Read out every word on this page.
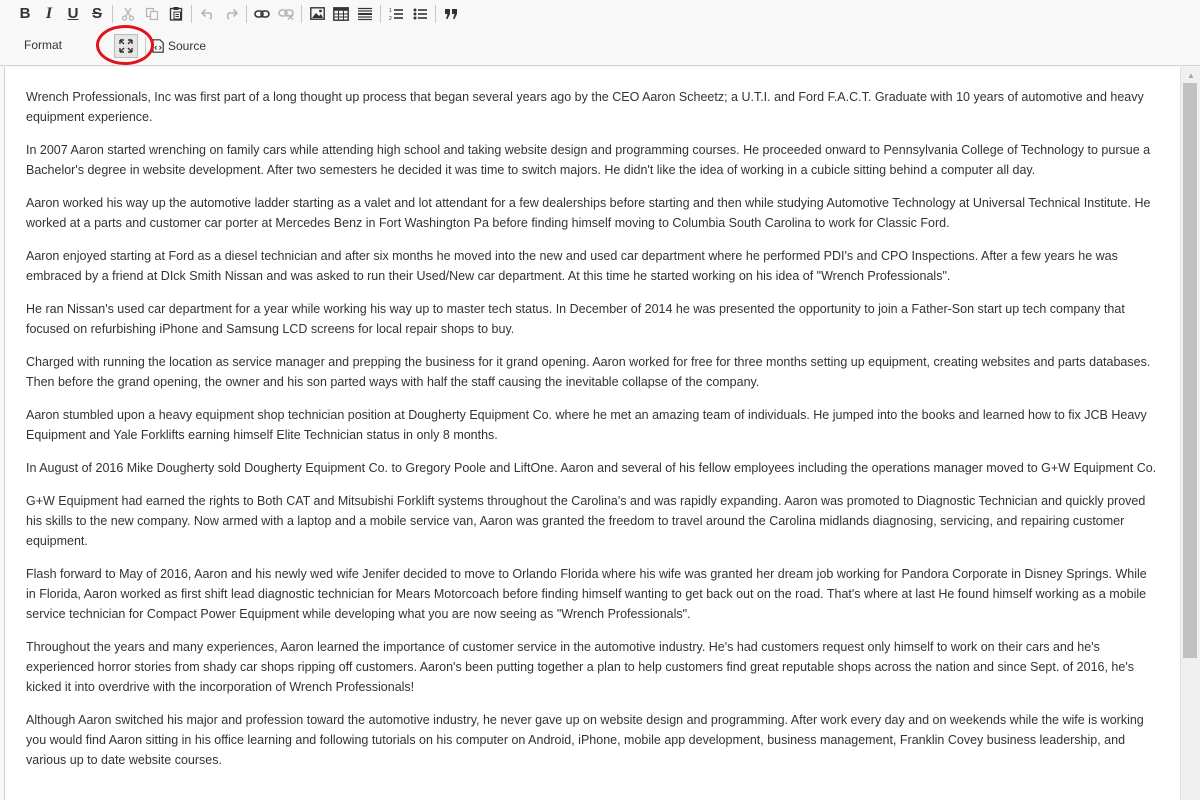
B I U S	1
2
Format	Source

Wrench Professionals, Inc was first part of a long thought up process that began several years ago by the CEO Aaron Scheetz; a U.T.I. and Ford F.A.C.T. Graduate with 10 years of automotive and heavy equipment experience.

In 2007 Aaron started wrenching on family cars while attending high school and taking website design and programming courses. He proceeded onward to Pennsylvania College of Technology to pursue a Bachelor's degree in website development. After two semesters he decided it was time to switch majors. He didn't like the idea of working in a cubicle sitting behind a computer all day.

Aaron worked his way up the automotive ladder starting as a valet and lot attendant for a few dealerships before starting and then while studying Automotive Technology at Universal Technical Institute. He worked at a parts and customer car porter at Mercedes Benz in Fort Washington Pa before finding himself moving to Columbia South Carolina to work for Classic Ford.

Aaron enjoyed starting at Ford as a diesel technician and after six months he moved into the new and used car department where he performed PDI's and CPO Inspections. After a few years he was embraced by a friend at DIck Smith Nissan and was asked to run their Used/New car department. At this time he started working on his idea of "Wrench Professionals".

He ran Nissan's used car department for a year while working his way up to master tech status. In December of 2014 he was presented the opportunity to join a Father-Son start up tech company that focused on refurbishing iPhone and Samsung LCD screens for local repair shops to buy.

Charged with running the location as service manager and prepping the business for it grand opening. Aaron worked for free for three months setting up equipment, creating websites and parts databases. Then before the grand opening, the owner and his son parted ways with half the staff causing the inevitable collapse of the company.

Aaron stumbled upon a heavy equipment shop technician position at Dougherty Equipment Co. where he met an amazing team of individuals. He jumped into the books and learned how to fix JCB Heavy Equipment and Yale Forklifts earning himself Elite Technician status in only 8 months.

In August of 2016 Mike Dougherty sold Dougherty Equipment Co. to Gregory Poole and LiftOne. Aaron and several of his fellow employees including the operations manager moved to G+W Equipment Co.

G+W Equipment had earned the rights to Both CAT and Mitsubishi Forklift systems throughout the Carolina's and was rapidly expanding. Aaron was promoted to Diagnostic Technician and quickly proved his skills to the new company. Now armed with a laptop and a mobile service van, Aaron was granted the freedom to travel around the Carolina midlands diagnosing, servicing, and repairing customer equipment.

Flash forward to May of 2016, Aaron and his newly wed wife Jenifer decided to move to Orlando Florida where his wife was granted her dream job working for Pandora Corporate in Disney Springs. While in Florida, Aaron worked as first shift lead diagnostic technician for Mears Motorcoach before finding himself wanting to get back out on the road. That's where at last He found himself working as a mobile service technician for Compact Power Equipment while developing what you are now seeing as "Wrench Professionals".

Throughout the years and many experiences, Aaron learned the importance of customer service in the automotive industry. He's had customers request only himself to work on their cars and he's experienced horror stories from shady car shops ripping off customers. Aaron's been putting together a plan to help customers find great reputable shops across the nation and since Sept. of 2016, he's kicked it into overdrive with the incorporation of Wrench Professionals!

Although Aaron switched his major and profession toward the automotive industry, he never gave up on website design and programming. After work every day and on weekends while the wife is working you would find Aaron sitting in his office learning and following tutorials on his computer on Android, iPhone, mobile app development, business management, Franklin Covey business leadership, and various up to date website courses.

▲
